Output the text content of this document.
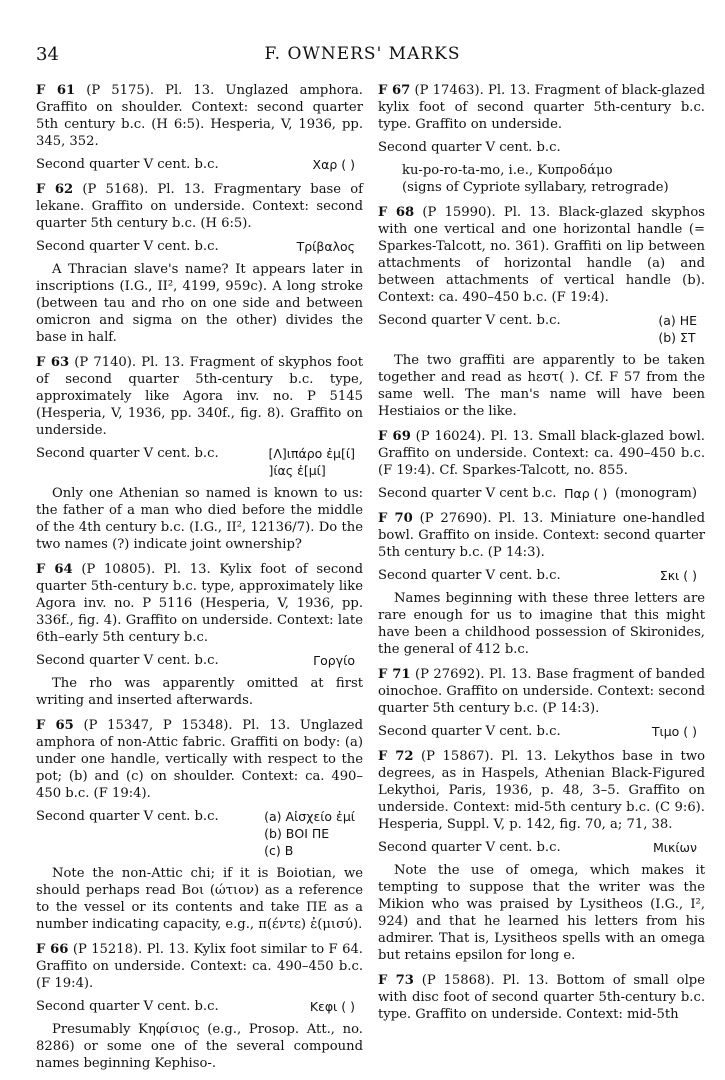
34	F. OWNERS' MARKS

F 61 (P 5175). Pl. 13. Unglazed amphora. Graffito on shoulder. Context: second quarter 5th century b.c. (H 6:5). Hesperia, V, 1936, pp. 345, 352.

Second quarter V cent. b.c.	Χαρ ( )

F 62 (P 5168). Pl. 13. Fragmentary base of lekane. Graffito on underside. Context: second quarter 5th century b.c. (H 6:5).

Second quarter V cent. b.c.	Τρίβαλος

A Thracian slave's name? It appears later in inscriptions (I.G., II², 4199, 959c). A long stroke (between tau and rho on one side and between omicron and sigma on the other) divides the base in half.

F 63 (P 7140). Pl. 13. Fragment of skyphos foot of second quarter 5th-century b.c. type, approximately like Agora inv. no. P 5145 (Hesperia, V, 1936, pp. 340f., fig. 8). Graffito on underside.

Second quarter V cent. b.c.	[Λ]ιπάρο ἐμ[ί]
]ίας ἐ[μί]

Only one Athenian so named is known to us: the father of a man who died before the middle of the 4th century b.c. (I.G., II², 12136/7). Do the two names (?) indicate joint ownership?

F 64 (P 10805). Pl. 13. Kylix foot of second quarter 5th-century b.c. type, approximately like Agora inv. no. P 5116 (Hesperia, V, 1936, pp. 336f., fig. 4). Graffito on underside. Context: late 6th–early 5th century b.c.

Second quarter V cent. b.c.	Γοργίο

The rho was apparently omitted at first writing and inserted afterwards.

F 65 (P 15347, P 15348). Pl. 13. Unglazed amphora of non-Attic fabric. Graffiti on body: (a) under one handle, vertically with respect to the pot; (b) and (c) on shoulder. Context: ca. 490–450 b.c. (F 19:4).

Second quarter V cent. b.c.	(a) Αἰσχείο ἐμί
(b) ΒΟΙ ΠΕ
(c) Β

Note the non-Attic chi; if it is Boiotian, we should perhaps read Βοι (ώτιον) as a reference to the vessel or its contents and take ΠΕ as a number indicating capacity, e.g., π(έντε) ἐ(μισύ).

F 66 (P 15218). Pl. 13. Kylix foot similar to F 64. Graffito on underside. Context: ca. 490–450 b.c. (F 19:4).

Second quarter V cent. b.c.	Κεφι ( )

Presumably Κηφίσιος (e.g., Prosop. Att., no. 8286) or some one of the several compound names beginning Kephiso-.

F 67 (P 17463). Pl. 13. Fragment of black-glazed kylix foot of second quarter 5th-century b.c. type. Graffito on underside.

Second quarter V cent. b.c.
ku-po-ro-ta-mo, i.e., Κυπροδάμο
(signs of Cypriote syllabary, retrograde)

F 68 (P 15990). Pl. 13. Black-glazed skyphos with one vertical and one horizontal handle (= Sparkes-Talcott, no. 361). Graffiti on lip between attachments of horizontal handle (a) and between attachments of vertical handle (b). Context: ca. 490–450 b.c. (F 19:4).

Second quarter V cent. b.c.	(a) HE
(b) ΣΤ

The two graffiti are apparently to be taken together and read as hεστ( ). Cf. F 57 from the same well. The man's name will have been Hestiaios or the like.

F 69 (P 16024). Pl. 13. Small black-glazed bowl. Graffito on underside. Context: ca. 490–450 b.c. (F 19:4). Cf. Sparkes-Talcott, no. 855.

Second quarter V cent b.c. Παρ ( ) (monogram)

F 70 (P 27690). Pl. 13. Miniature one-handled bowl. Graffito on inside. Context: second quarter 5th century b.c. (P 14:3).

Second quarter V cent. b.c.	Σκι ( )

Names beginning with these three letters are rare enough for us to imagine that this might have been a childhood possession of Skironides, the general of 412 b.c.

F 71 (P 27692). Pl. 13. Base fragment of banded oinochoe. Graffito on underside. Context: second quarter 5th century b.c. (P 14:3).

Second quarter V cent. b.c.	Τιμο ( )

F 72 (P 15867). Pl. 13. Lekythos base in two degrees, as in Haspels, Athenian Black-Figured Lekythoi, Paris, 1936, p. 48, 3–5. Graffito on underside. Context: mid-5th century b.c. (C 9:6). Hesperia, Suppl. V, p. 142, fig. 70, a; 71, 38.

Second quarter V cent. b.c.	Μικίων

Note the use of omega, which makes it tempting to suppose that the writer was the Mikion who was praised by Lysitheos (I.G., I², 924) and that he learned his letters from his admirer. That is, Lysitheos spells with an omega but retains epsilon for long e.

F 73 (P 15868). Pl. 13. Bottom of small olpe with disc foot of second quarter 5th-century b.c. type. Graffito on underside. Context: mid-5th
